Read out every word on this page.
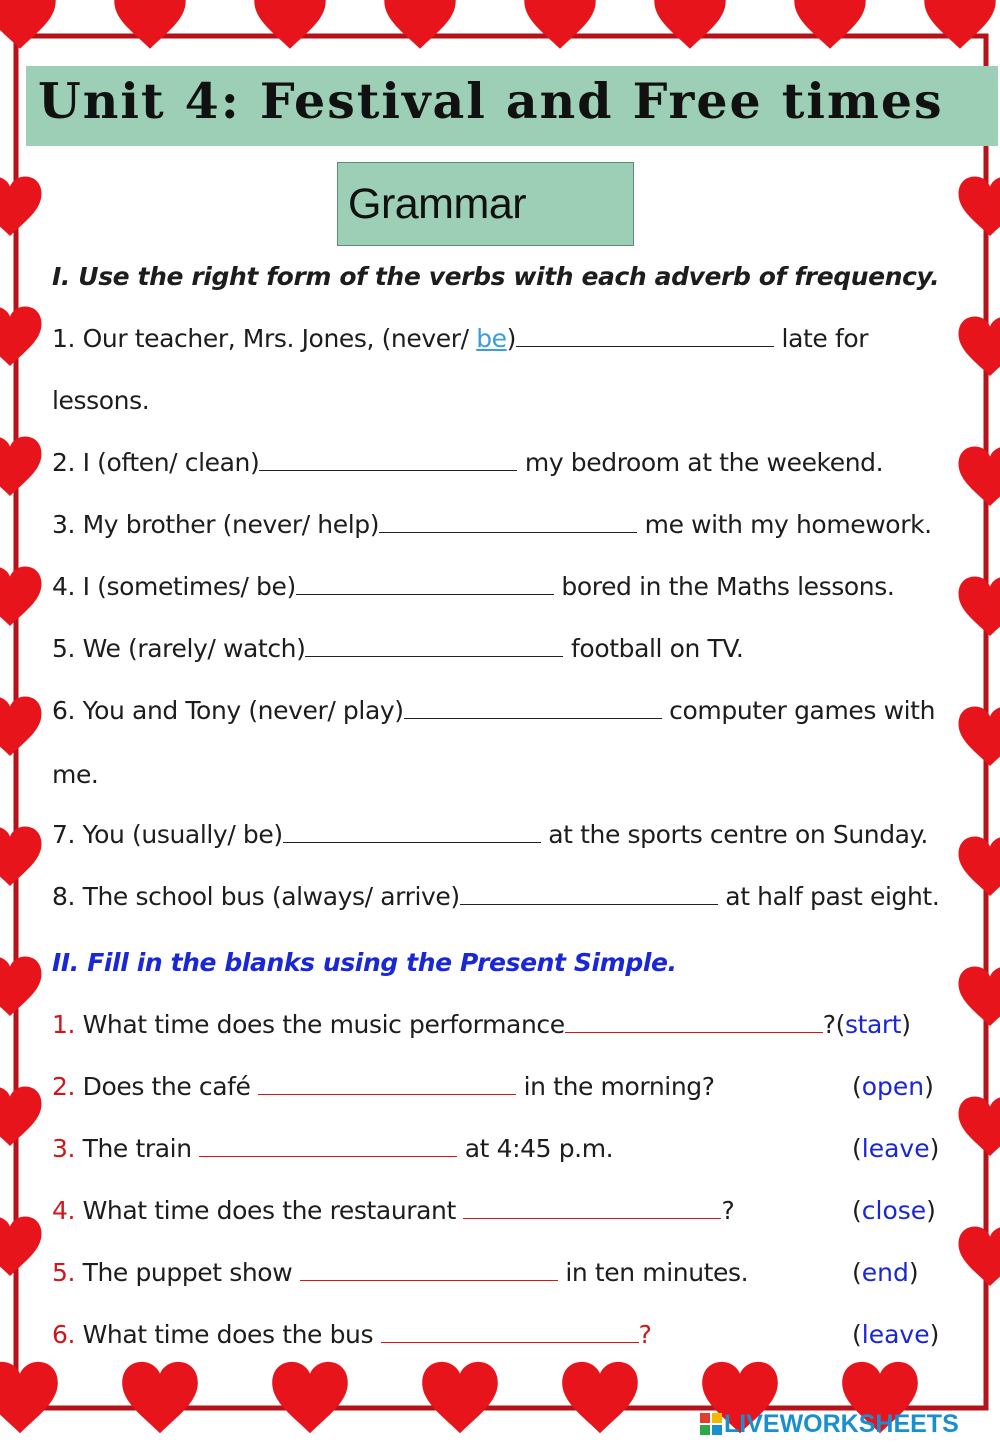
Unit 4: Festival and Free times
Grammar
I. Use the right form of the verbs with each adverb of frequency.
1. Our teacher, Mrs. Jones, (never/ be)	late for
lessons.
2. I (often/ clean)	my bedroom at the weekend.
3. My brother (never/ help)	me with my homework.
4. I (sometimes/ be)	bored in the Maths lessons.
5. We (rarely/ watch)	football on TV.
6. You and Tony (never/ play)	computer games with
me.
7. You (usually/ be)	at the sports centre on Sunday.
8. The school bus (always/ arrive)	at half past eight.
II. Fill in the blanks using the Present Simple.
1. What time does the music performance	?(start)
2. Does the café	in the morning?	(open)
3. The train	at 4:45 p.m.	(leave)
4. What time does the restaurant	?	(close)
5. The puppet show	in ten minutes.	(end)
6. What time does the bus	?	(leave)
LIVEWORKSHEETS
